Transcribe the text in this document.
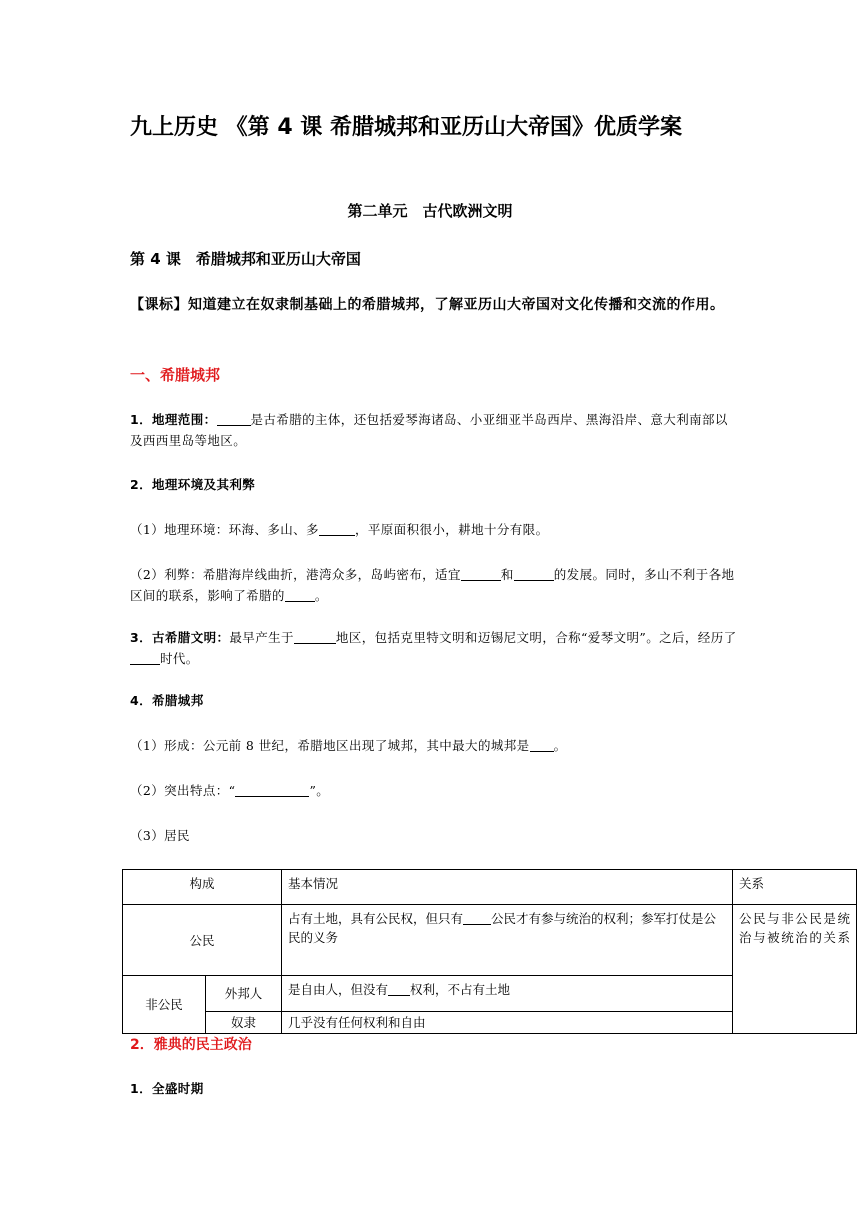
九上历史 《第 4 课 希腊城邦和亚历山大帝国》优质学案
第二单元　古代欧洲文明
第 4 课　希腊城邦和亚历山大帝国
【课标】知道建立在奴隶制基础上的希腊城邦，了解亚历山大帝国对文化传播和交流的作用。
一、希腊城邦
1．地理范围：	是古希腊的主体，还包括爱琴海诸岛、小亚细亚半岛西岸、黑海沿岸、意大利南部以及西西里岛等地区。
2．地理环境及其利弊
（1）地理环境：环海、多山、多	，平原面积很小，耕地十分有限。
（2）利弊：希腊海岸线曲折，港湾众多，岛屿密布，适宜	和	的发展。同时，多山不利于各地区间的联系，影响了希腊的 。
3．古希腊文明：最早产生于	地区，包括克里特文明和迈锡尼文明，合称“爱琴文明”。之后，经历了时代。
4．希腊城邦
（1）形成：公元前 8 世纪，希腊地区出现了城邦，其中最大的城邦是 。
（2）突出特点：“	”。
（3）居民
构成		基本情况	关系
公民		占有土地，具有公民权，但只有 公民才有参与统治的权利；参军打仗是公民的义务	公民与非公民是统治与被统治的关系
非公民	外邦人	是自由人，但没有 权利，不占有土地	
	奴隶	几乎没有任何权利和自由	
2．雅典的民主政治
1．全盛时期
